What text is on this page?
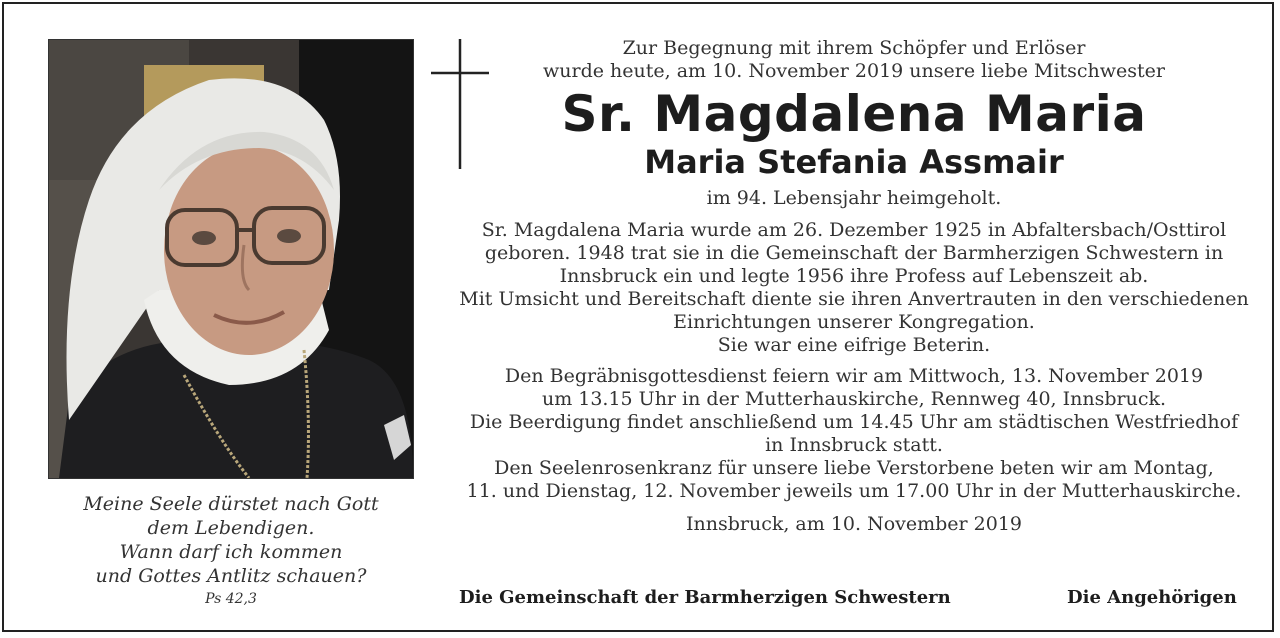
Meine Seele dürstet nach Gott
dem Lebendigen.
Wann darf ich kommen
und Gottes Antlitz schauen?
Ps 42,3
Zur Begegnung mit ihrem Schöpfer und Erlöser
wurde heute, am 10. November 2019 unsere liebe Mitschwester
Sr. Magdalena Maria
Maria Stefania Assmair
im 94. Lebensjahr heimgeholt.
Sr. Magdalena Maria wurde am 26. Dezember 1925 in Abfaltersbach/Osttirol
geboren. 1948 trat sie in die Gemeinschaft der Barmherzigen Schwestern in
Innsbruck ein und legte 1956 ihre Profess auf Lebenszeit ab.
Mit Umsicht und Bereitschaft diente sie ihren Anvertrauten in den verschiedenen
Einrichtungen unserer Kongregation.
Sie war eine eifrige Beterin.
Den Begräbnisgottesdienst feiern wir am Mittwoch, 13. November 2019
um 13.15 Uhr in der Mutterhauskirche, Rennweg 40, Innsbruck.
Die Beerdigung findet anschließend um 14.45 Uhr am städtischen Westfriedhof
in Innsbruck statt.
Den Seelenrosenkranz für unsere liebe Verstorbene beten wir am Montag,
11. und Dienstag, 12. November jeweils um 17.00 Uhr in der Mutterhauskirche.
Innsbruck, am 10. November 2019
Die Gemeinschaft der Barmherzigen Schwestern	Die Angehörigen
